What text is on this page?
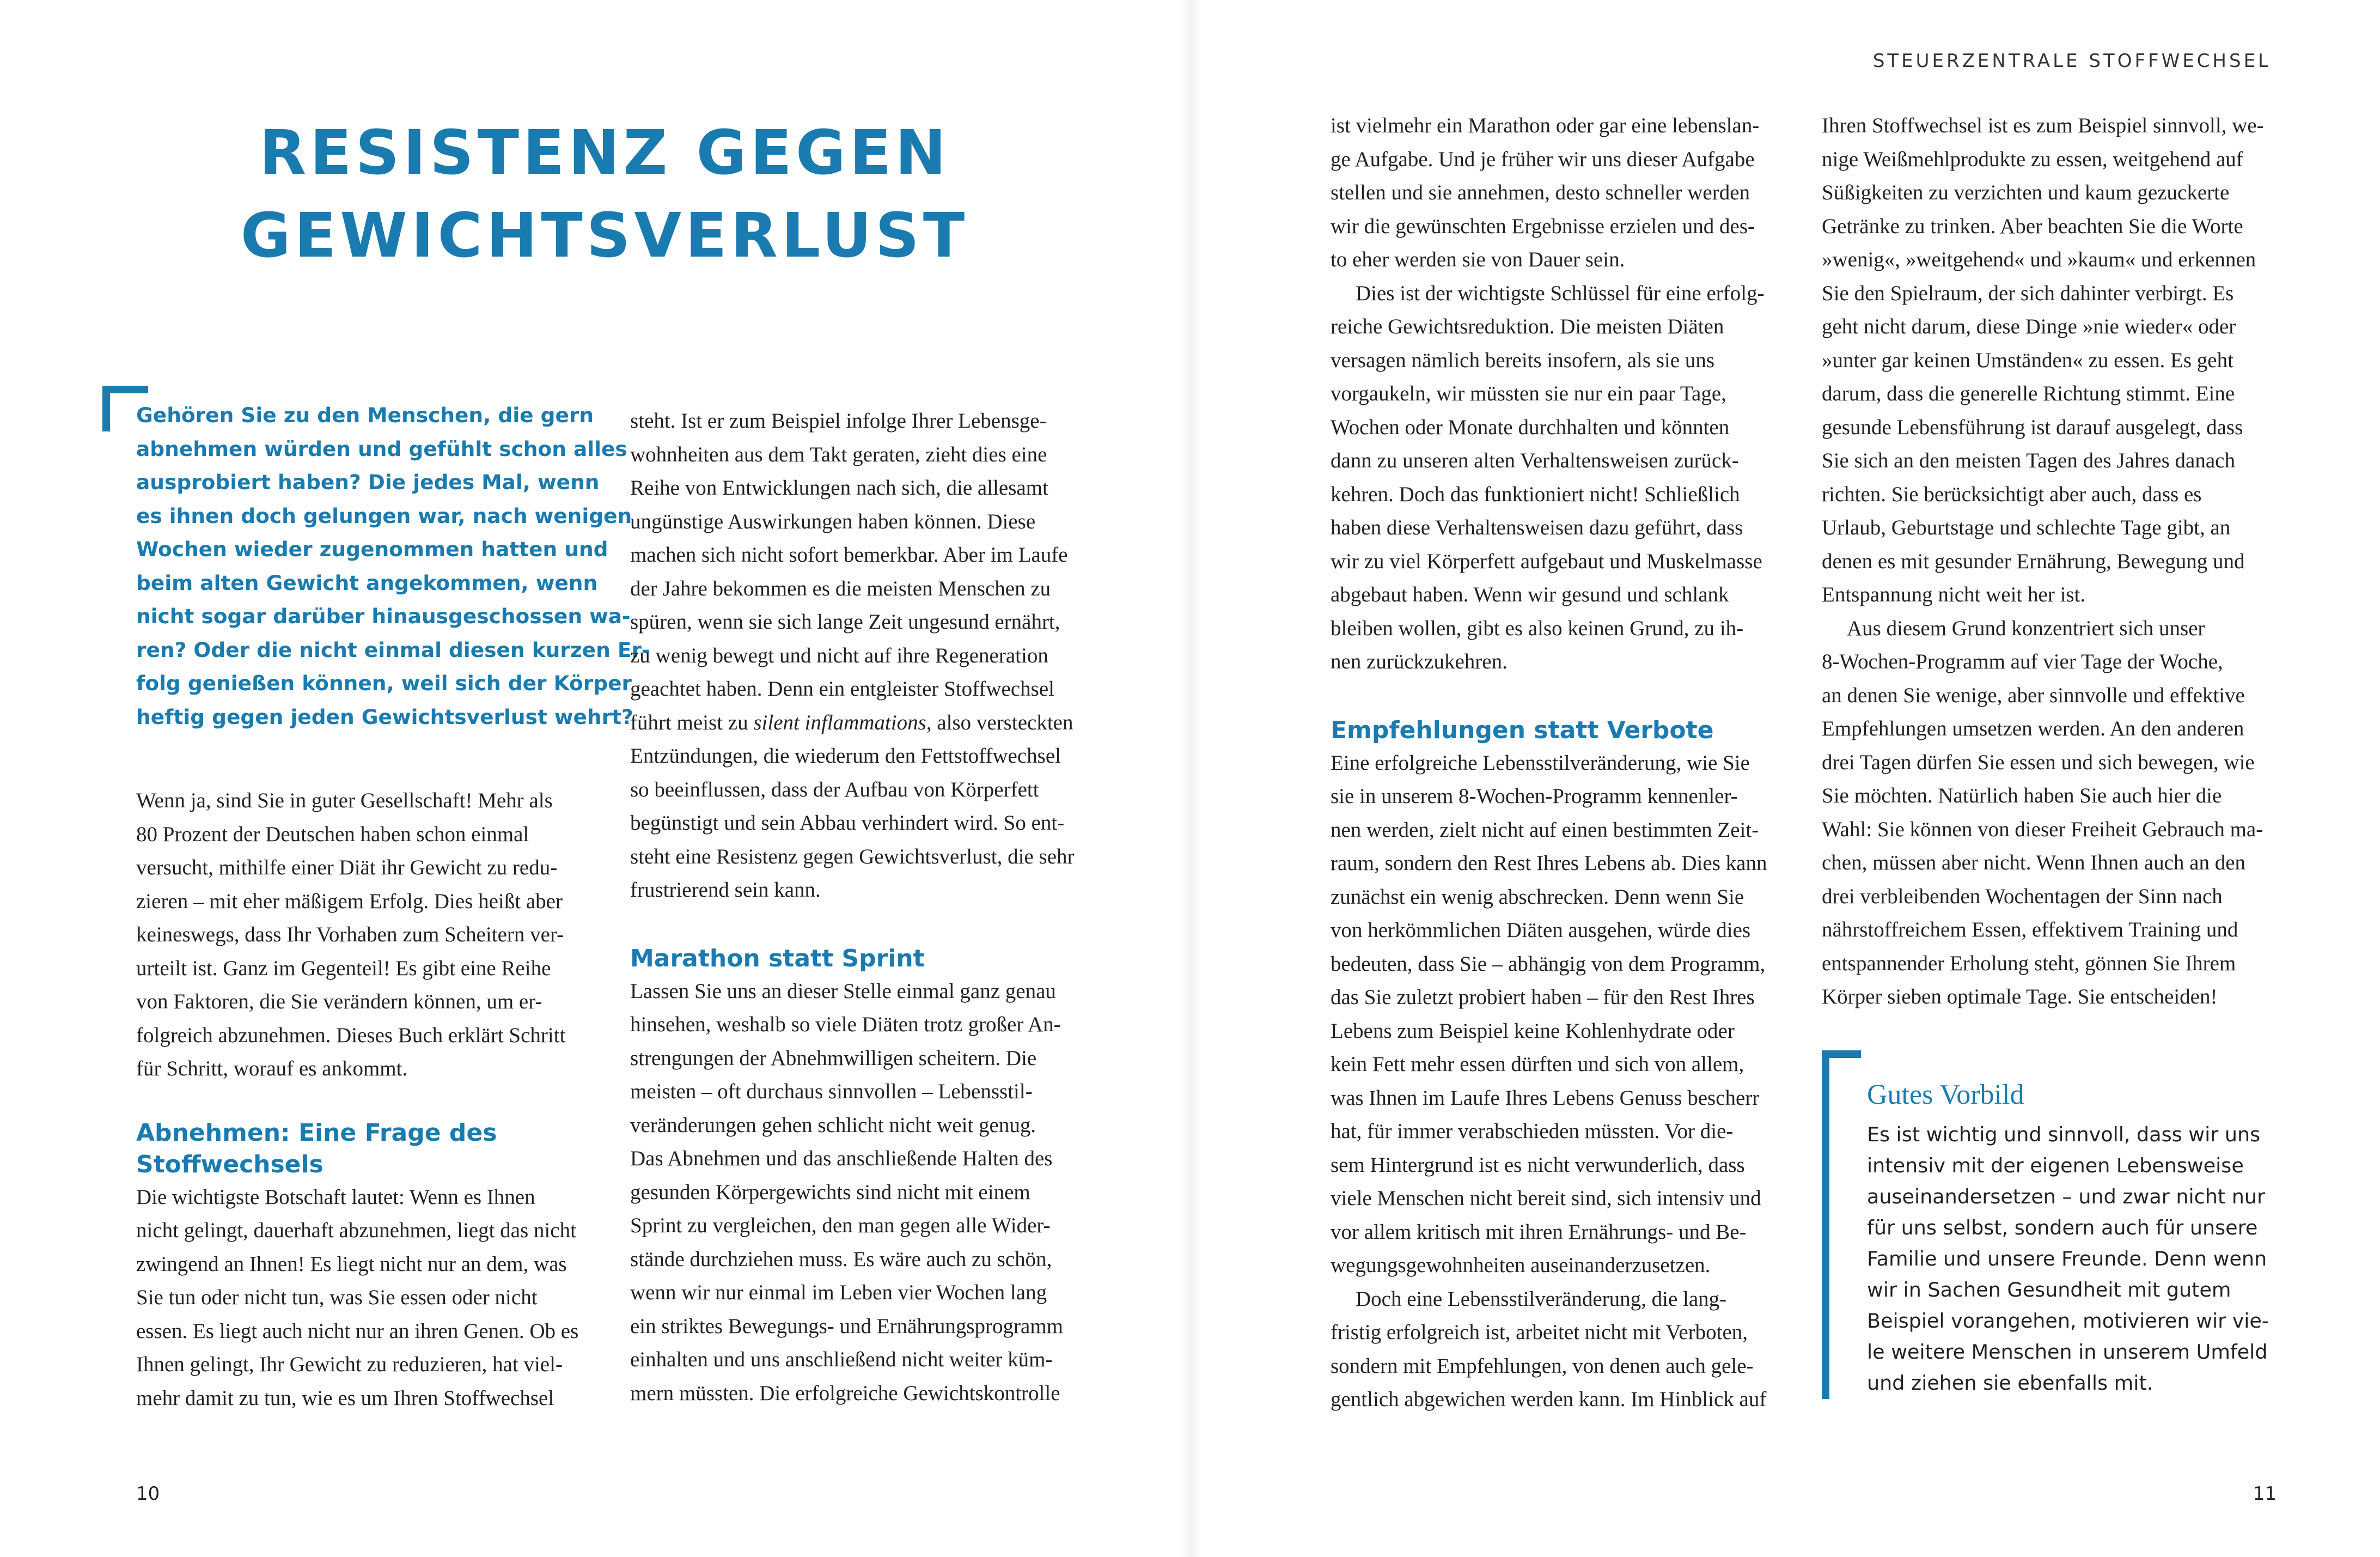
STEUERZENTRALE STOFFWECHSEL
RESISTENZ GEGEN
GEWICHTSVERLUST
Gehören Sie zu den Menschen, die gern
abnehmen würden und gefühlt schon alles
ausprobiert haben? Die jedes Mal, wenn
es ihnen doch gelungen war, nach wenigen
Wochen wieder zugenommen hatten und
beim alten Gewicht angekommen, wenn
nicht sogar darüber hinausgeschossen wa-
ren? Oder die nicht einmal diesen kurzen Er-
folg genießen können, weil sich der Körper
heftig gegen jeden Gewichtsverlust wehrt?
Wenn ja, sind Sie in guter Gesellschaft! Mehr als
80 Prozent der Deutschen haben schon einmal
versucht, mithilfe einer Diät ihr Gewicht zu redu-
zieren – mit eher mäßigem Erfolg. Dies heißt aber
keineswegs, dass Ihr Vorhaben zum Scheitern ver-
urteilt ist. Ganz im Gegenteil! Es gibt eine Reihe
von Faktoren, die Sie verändern können, um er-
folgreich abzunehmen. Dieses Buch erklärt Schritt
für Schritt, worauf es ankommt.
Abnehmen: Eine Frage des
Stoffwechsels
Die wichtigste Botschaft lautet: Wenn es Ihnen
nicht gelingt, dauerhaft abzunehmen, liegt das nicht
zwingend an Ihnen! Es liegt nicht nur an dem, was
Sie tun oder nicht tun, was Sie essen oder nicht
essen. Es liegt auch nicht nur an ihren Genen. Ob es
Ihnen gelingt, Ihr Gewicht zu reduzieren, hat viel-
mehr damit zu tun, wie es um Ihren Stoffwechsel
steht. Ist er zum Beispiel infolge Ihrer Lebensge-
wohnheiten aus dem Takt geraten, zieht dies eine
Reihe von Entwicklungen nach sich, die allesamt
ungünstige Auswirkungen haben können. Diese
machen sich nicht sofort bemerkbar. Aber im Laufe
der Jahre bekommen es die meisten Menschen zu
spüren, wenn sie sich lange Zeit ungesund ernährt,
zu wenig bewegt und nicht auf ihre Regeneration
geachtet haben. Denn ein entgleister Stoffwechsel
führt meist zu silent inflammations, also versteckten
Entzündungen, die wiederum den Fettstoffwechsel
so beeinflussen, dass der Aufbau von Körperfett
begünstigt und sein Abbau verhindert wird. So ent-
steht eine Resistenz gegen Gewichtsverlust, die sehr
frustrierend sein kann.
Marathon statt Sprint
Lassen Sie uns an dieser Stelle einmal ganz genau
hinsehen, weshalb so viele Diäten trotz großer An-
strengungen der Abnehmwilligen scheitern. Die
meisten – oft durchaus sinnvollen – Lebensstil-
veränderungen gehen schlicht nicht weit genug.
Das Abnehmen und das anschließende Halten des
gesunden Körpergewichts sind nicht mit einem
Sprint zu vergleichen, den man gegen alle Wider-
stände durchziehen muss. Es wäre auch zu schön,
wenn wir nur einmal im Leben vier Wochen lang
ein striktes Bewegungs- und Ernährungsprogramm
einhalten und uns anschließend nicht weiter küm-
mern müssten. Die erfolgreiche Gewichtskontrolle
ist vielmehr ein Marathon oder gar eine lebenslan-
ge Aufgabe. Und je früher wir uns dieser Aufgabe
stellen und sie annehmen, desto schneller werden
wir die gewünschten Ergebnisse erzielen und des-
to eher werden sie von Dauer sein.
Dies ist der wichtigste Schlüssel für eine erfolg-
reiche Gewichtsreduktion. Die meisten Diäten
versagen nämlich bereits insofern, als sie uns
vorgaukeln, wir müssten sie nur ein paar Tage,
Wochen oder Monate durchhalten und könnten
dann zu unseren alten Verhaltensweisen zurück-
kehren. Doch das funktioniert nicht! Schließlich
haben diese Verhaltensweisen dazu geführt, dass
wir zu viel Körperfett aufgebaut und Muskelmasse
abgebaut haben. Wenn wir gesund und schlank
bleiben wollen, gibt es also keinen Grund, zu ih-
nen zurückzukehren.
Empfehlungen statt Verbote
Eine erfolgreiche Lebensstilveränderung, wie Sie
sie in unserem 8-Wochen-Programm kennenler-
nen werden, zielt nicht auf einen bestimmten Zeit-
raum, sondern den Rest Ihres Lebens ab. Dies kann
zunächst ein wenig abschrecken. Denn wenn Sie
von herkömmlichen Diäten ausgehen, würde dies
bedeuten, dass Sie – abhängig von dem Programm,
das Sie zuletzt probiert haben – für den Rest Ihres
Lebens zum Beispiel keine Kohlenhydrate oder
kein Fett mehr essen dürften und sich von allem,
was Ihnen im Laufe Ihres Lebens Genuss bescherr
hat, für immer verabschieden müssten. Vor die-
sem Hintergrund ist es nicht verwunderlich, dass
viele Menschen nicht bereit sind, sich intensiv und
vor allem kritisch mit ihren Ernährungs- und Be-
wegungsgewohnheiten auseinanderzusetzen.
Doch eine Lebensstilveränderung, die lang-
fristig erfolgreich ist, arbeitet nicht mit Verboten,
sondern mit Empfehlungen, von denen auch gele-
gentlich abgewichen werden kann. Im Hinblick auf
Ihren Stoffwechsel ist es zum Beispiel sinnvoll, we-
nige Weißmehlprodukte zu essen, weitgehend auf
Süßigkeiten zu verzichten und kaum gezuckerte
Getränke zu trinken. Aber beachten Sie die Worte
»wenig«, »weitgehend« und »kaum« und erkennen
Sie den Spielraum, der sich dahinter verbirgt. Es
geht nicht darum, diese Dinge »nie wieder« oder
»unter gar keinen Umständen« zu essen. Es geht
darum, dass die generelle Richtung stimmt. Eine
gesunde Lebensführung ist darauf ausgelegt, dass
Sie sich an den meisten Tagen des Jahres danach
richten. Sie berücksichtigt aber auch, dass es
Urlaub, Geburtstage und schlechte Tage gibt, an
denen es mit gesunder Ernährung, Bewegung und
Entspannung nicht weit her ist.
Aus diesem Grund konzentriert sich unser
8-Wochen-Programm auf vier Tage der Woche,
an denen Sie wenige, aber sinnvolle und effektive
Empfehlungen umsetzen werden. An den anderen
drei Tagen dürfen Sie essen und sich bewegen, wie
Sie möchten. Natürlich haben Sie auch hier die
Wahl: Sie können von dieser Freiheit Gebrauch ma-
chen, müssen aber nicht. Wenn Ihnen auch an den
drei verbleibenden Wochentagen der Sinn nach
nährstoffreichem Essen, effektivem Training und
entspannender Erholung steht, gönnen Sie Ihrem
Körper sieben optimale Tage. Sie entscheiden!
Gutes Vorbild
Es ist wichtig und sinnvoll, dass wir uns
intensiv mit der eigenen Lebensweise
auseinandersetzen – und zwar nicht nur
für uns selbst, sondern auch für unsere
Familie und unsere Freunde. Denn wenn
wir in Sachen Gesundheit mit gutem
Beispiel vorangehen, motivieren wir vie-
le weitere Menschen in unserem Umfeld
und ziehen sie ebenfalls mit.
10	11
